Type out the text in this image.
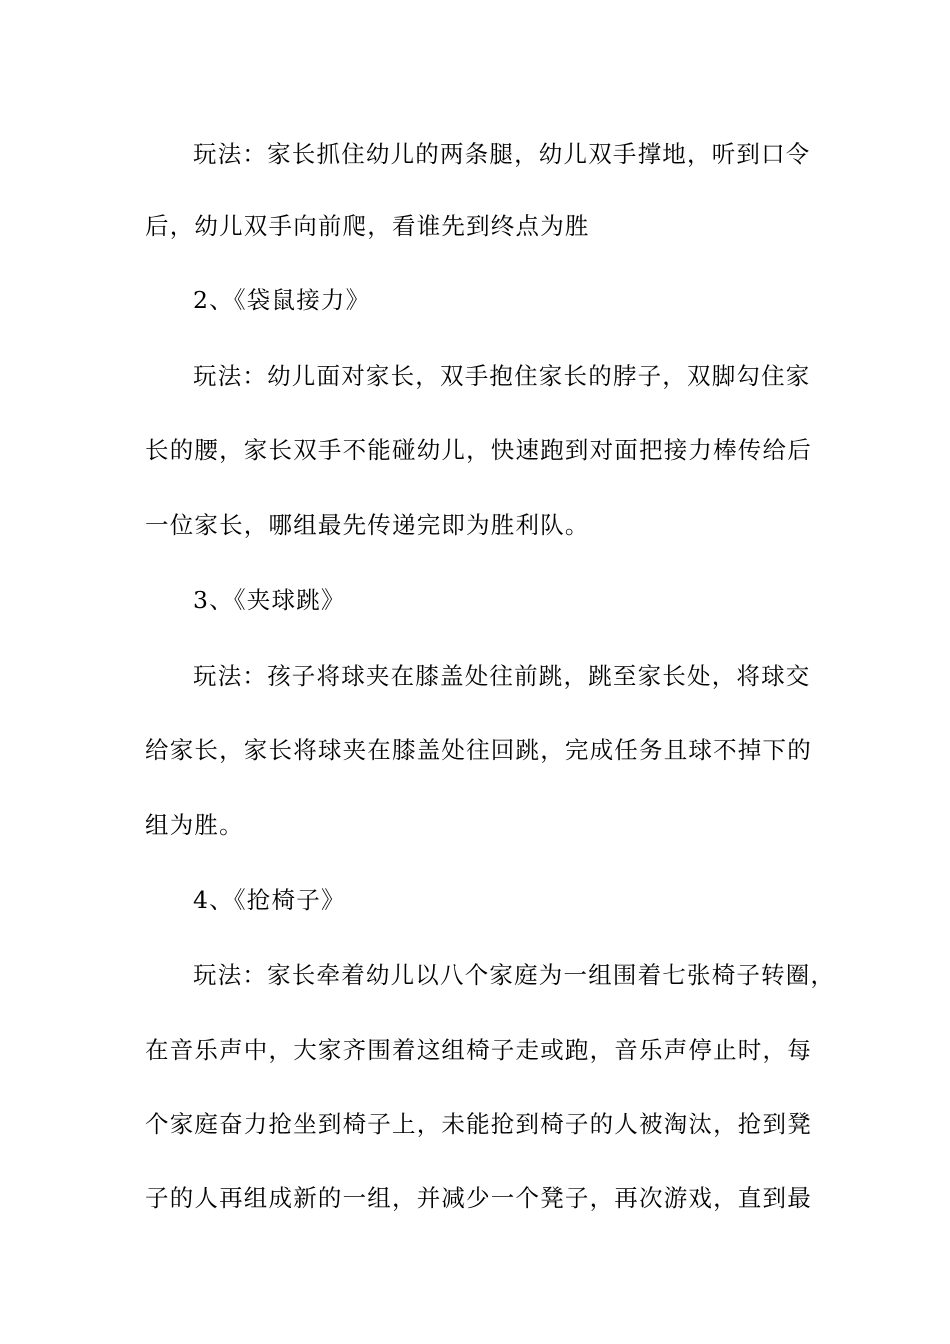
玩法：家长抓住幼儿的两条腿，幼儿双手撑地，听到口令
后，幼儿双手向前爬，看谁先到终点为胜
2、《袋鼠接力》
玩法：幼儿面对家长，双手抱住家长的脖子，双脚勾住家
长的腰，家长双手不能碰幼儿，快速跑到对面把接力棒传给后
一位家长，哪组最先传递完即为胜利队。
3、《夹球跳》
玩法：孩子将球夹在膝盖处往前跳，跳至家长处，将球交
给家长，家长将球夹在膝盖处往回跳，完成任务且球不掉下的
组为胜。
4、《抢椅子》
玩法：家长牵着幼儿以八个家庭为一组围着七张椅子转圈，
在音乐声中，大家齐围着这组椅子走或跑，音乐声停止时，每
个家庭奋力抢坐到椅子上，未能抢到椅子的人被淘汰，抢到凳
子的人再组成新的一组，并减少一个凳子，再次游戏，直到最
